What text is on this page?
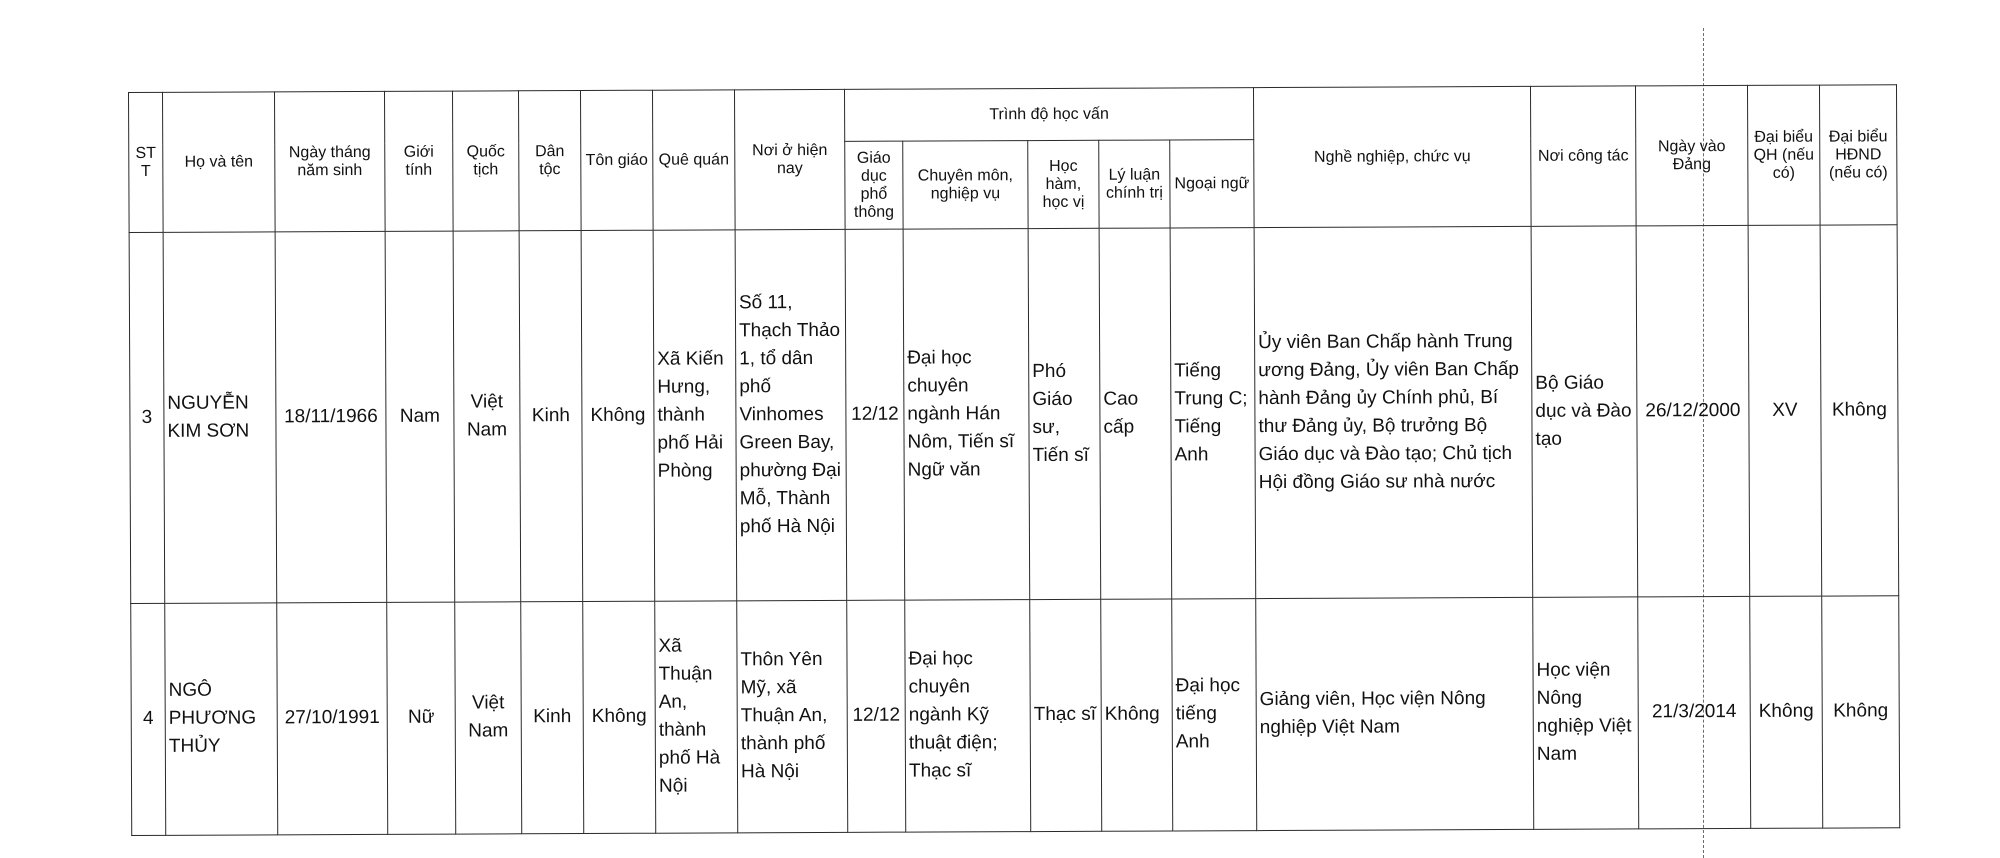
ST T	Họ và tên	Ngày tháng năm sinh	Giới tính	Quốc tịch	Dân tộc	Tôn giáo	Quê quán	Nơi ở hiện nay	Trình độ học vấn					Nghề nghiệp, chức vụ	Nơi công tác	Ngày vào Đảng	Đại biểu QH (nếu có)	Đại biểu HĐND (nếu có)
									Giáo dục phổ thông	Chuyên môn, nghiệp vụ	Học hàm, học vị	Lý luận chính trị	Ngoại ngữ					
3	NGUYỄN KIM SƠN	18/11/1966	Nam	Việt Nam	Kinh	Không	Xã Kiến Hưng, thành phố Hải Phòng	Số 11, Thạch Thảo 1, tổ dân phố Vinhomes Green Bay, phường Đại Mỗ, Thành phố Hà Nội	12/12	Đại học chuyên ngành Hán Nôm, Tiến sĩ Ngữ văn	Phó Giáo sư, Tiến sĩ	Cao cấp	Tiếng Trung C; Tiếng Anh	Ủy viên Ban Chấp hành Trung ương Đảng, Ủy viên Ban Chấp hành Đảng ủy Chính phủ, Bí thư Đảng ủy, Bộ trưởng Bộ Giáo dục và Đào tạo; Chủ tịch Hội đồng Giáo sư nhà nước	Bộ Giáo dục và Đào tạo	26/12/2000	XV	Không
4	NGÔ PHƯƠNG THỦY	27/10/1991	Nữ	Việt Nam	Kinh	Không	Xã Thuận An, thành phố Hà Nội	Thôn Yên Mỹ, xã Thuận An, thành phố Hà Nội	12/12	Đại học chuyên ngành Kỹ thuật điện; Thạc sĩ	Thạc sĩ	Không	Đại học tiếng Anh	Giảng viên, Học viện Nông nghiệp Việt Nam	Học viện Nông nghiệp Việt Nam	21/3/2014	Không	Không
